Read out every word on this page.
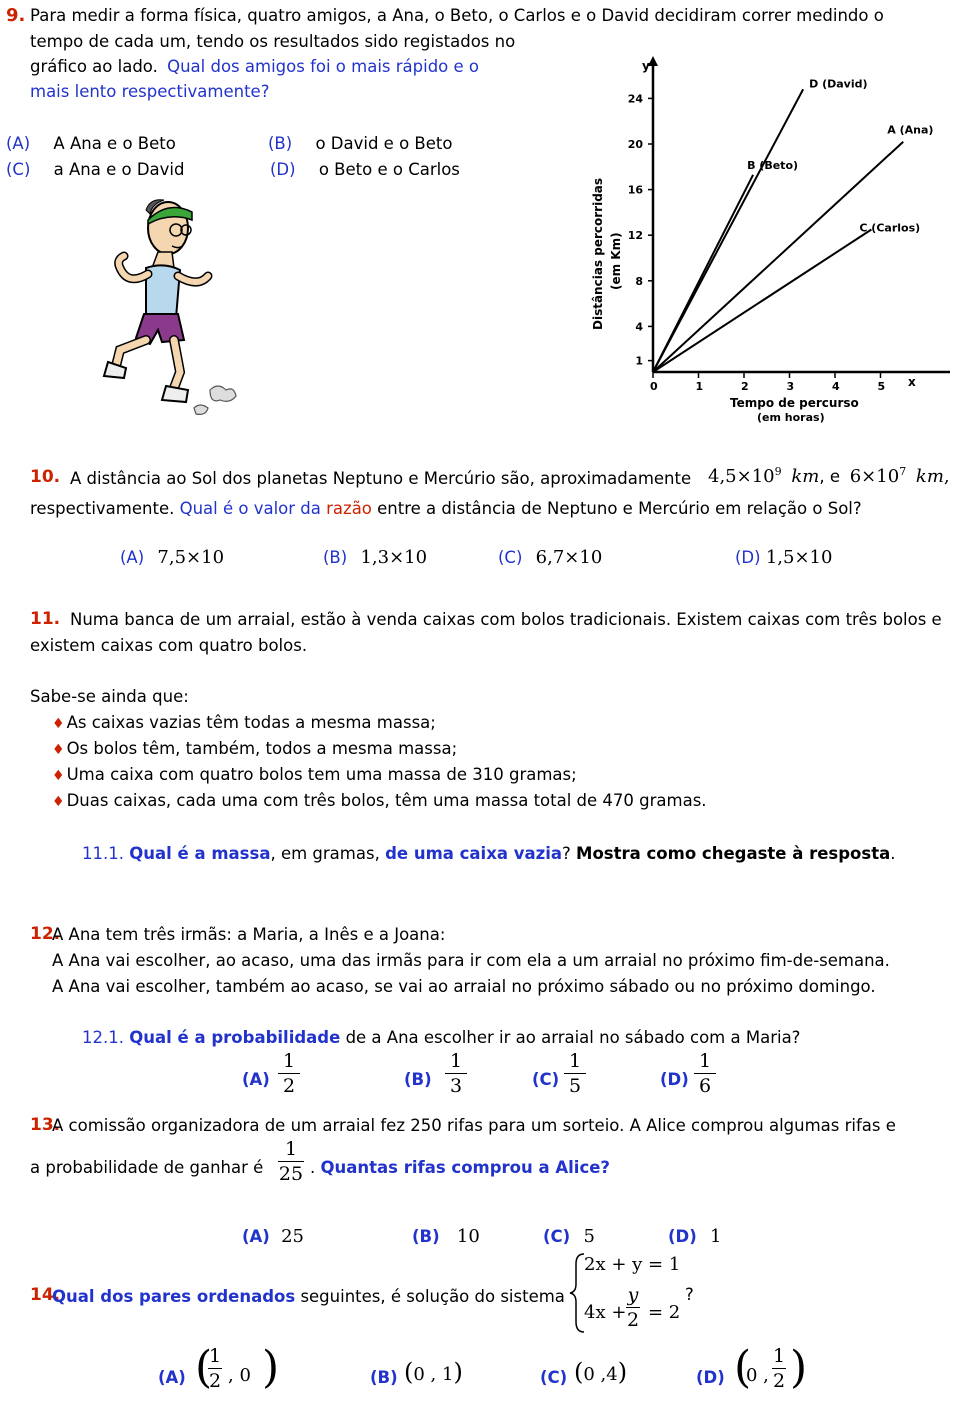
9. Para medir a forma física, quatro amigos, a Ana, o Beto, o Carlos e o David decidiram correr medindo o
tempo de cada um, tendo os resultados sido registados no
gráfico ao lado. Qual dos amigos foi o mais rápido e o
mais lento respectivamente?
(A) A Ana e o Beto	(B) o David e o Beto
(C) a Ana e o David	(D) o Beto e o Carlos
0	1	2	3	4	5
1
4
8
12
16
20
24
D (David)
A (Ana)
B (Beto)
C (Carlos)
Distâncias percorridas (em Km)
Tempo de percurso
(em horas)
x
y
10. A distância ao Sol dos planetas Neptuno e Mercúrio são, aproximadamente $4,5\times 10^9$ km, e $6\times 10^7$ km,
respectivamente. Qual é o valor da razão entre a distância de Neptuno e Mercúrio em relação o Sol?
(A) 7,5×10	(B) 1,3×10	(C) 6,7×10	(D) 1,5×10
11. Numa banca de um arraial, estão à venda caixas com bolos tradicionais. Existem caixas com três bolos e
existem caixas com quatro bolos.
Sabe-se ainda que:
♦ As caixas vazias têm todas a mesma massa;
♦ Os bolos têm, também, todos a mesma massa;
♦ Uma caixa com quatro bolos tem uma massa de 310 gramas;
♦ Duas caixas, cada uma com três bolos, têm uma massa total de 470 gramas.
11.1. Qual é a massa, em gramas, de uma caixa vazia? Mostra como chegaste à resposta.
12.
A Ana tem três irmãs: a Maria, a Inês e a Joana:
A Ana vai escolher, ao acaso, uma das irmãs para ir com ela a um arraial no próximo fim-de-semana.
A Ana vai escolher, também ao acaso, se vai ao arraial no próximo sábado ou no próximo domingo.
12.1. Qual é a probabilidade de a Ana escolher ir ao arraial no sábado com a Maria?
(A)
1
2	(B)
1
3	(C)
1
5	(D)
1
6
13.
A comissão organizadora de um arraial fez 250 rifas para um sorteio. A Alice comprou algumas rifas e
a probabilidade de ganhar é
1
25 . Quantas rifas comprou a Alice?
(A) 25	(B) 10	(C) 5	(D) 1
14.
Qual dos pares ordenados seguintes, é solução do sistema
2x + y = 1
4x +
y
2 = 2
?
(A) (
1
2 , 0 )	(B) (0 , 1)	(C) (0 ,4)	(D) (
0 ,
1
2 )
